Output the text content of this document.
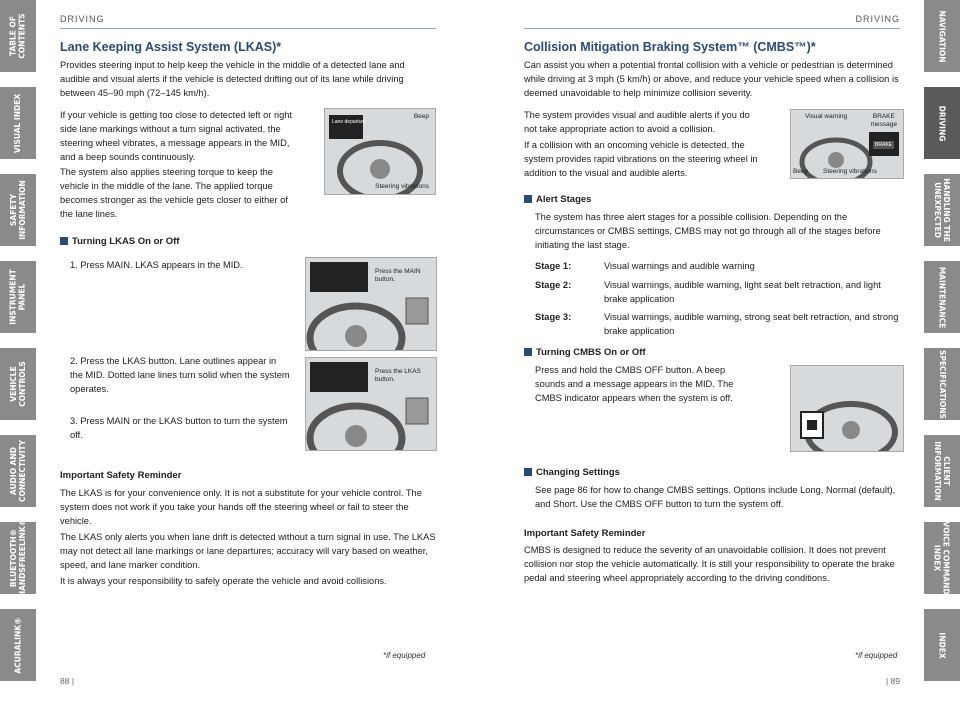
TABLE OF
CONTENTS
VISUAL INDEX
SAFETY
INFORMATION
INSTRUMENT
PANEL
VEHICLE
CONTROLS
AUDIO AND
CONNECTIVITY
BLUETOOTH®
HANDSFREELINK®
ACURALINK®
NAVIGATION
DRIVING
HANDLING THE
UNEXPECTED
MAINTENANCE
SPECIFICATIONS
CLIENT
INFORMATION
VOICE COMMAND
INDEX
INDEX
DRIVING
Lane Keeping Assist System (LKAS)*
Provides steering input to help keep the vehicle in the middle of a detected lane and audible and visual alerts if the vehicle is detected drifting out of its lane while driving between 45–90 mph (72–145 km/h).
If your vehicle is getting too close to detected left or right side lane markings without a turn signal activated, the steering wheel vibrates, a message appears in the MID, and a beep sounds continuously.
The system also applies steering torque to keep the vehicle in the middle of the lane. The applied torque becomes stronger as the vehicle gets closer to either of the lane lines.
Lane departure
Beep
Steering vibrations
Turning LKAS On or Off
1. Press MAIN. LKAS appears in the MID.
2. Press the LKAS button. Lane outlines appear in the MID. Dotted lane lines turn solid when the system operates.
3. Press MAIN or the LKAS button to turn the system off.
Press the MAIN button.
Press the LKAS button.
Important Safety Reminder
The LKAS is for your convenience only. It is not a substitute for your vehicle control. The system does not work if you take your hands off the steering wheel or fail to steer the vehicle.
The LKAS only alerts you when lane drift is detected without a turn signal in use. The LKAS may not detect all lane markings or lane departures; accuracy will vary based on weather, speed, and lane marker condition.
It is always your responsibility to safely operate the vehicle and avoid collisions.
*if equipped
88 |
DRIVING
Collision Mitigation Braking System™ (CMBS™)*
Can assist you when a potential frontal collision with a vehicle or pedestrian is determined while driving at 3 mph (5 km/h) or above, and reduce your vehicle speed when a collision is deemed unavoidable to help minimize collision severity.
The system provides visual and audible alerts if you do not take appropriate action to avoid a collision.
If a collision with an oncoming vehicle is detected, the system provides rapid vibrations on the steering wheel in addition to the visual and audible alerts.
Visual warning	BRAKE
message
BRAKE
Beep Steering vibrations
Alert Stages
The system has three alert stages for a possible collision. Depending on the circumstances or CMBS settings, CMBS may not go through all of the stages before initiating the last stage.
Stage 1:	Visual warnings and audible warning
Stage 2:	Visual warnings, audible warning, light seat belt retraction, and light brake application
Stage 3:	Visual warnings, audible warning, strong seat belt retraction, and strong brake application
Turning CMBS On or Off
Press and hold the CMBS OFF button. A beep sounds and a message appears in the MID. The CMBS indicator appears when the system is off.
Changing Settings
See page 86 for how to change CMBS settings. Options include Long, Normal (default), and Short. Use the CMBS OFF button to turn the system off.
Important Safety Reminder
CMBS is designed to reduce the severity of an unavoidable collision. It does not prevent collision nor stop the vehicle automatically. It is still your responsibility to operate the brake pedal and steering wheel appropriately according to the driving conditions.
*if equipped
| 89
